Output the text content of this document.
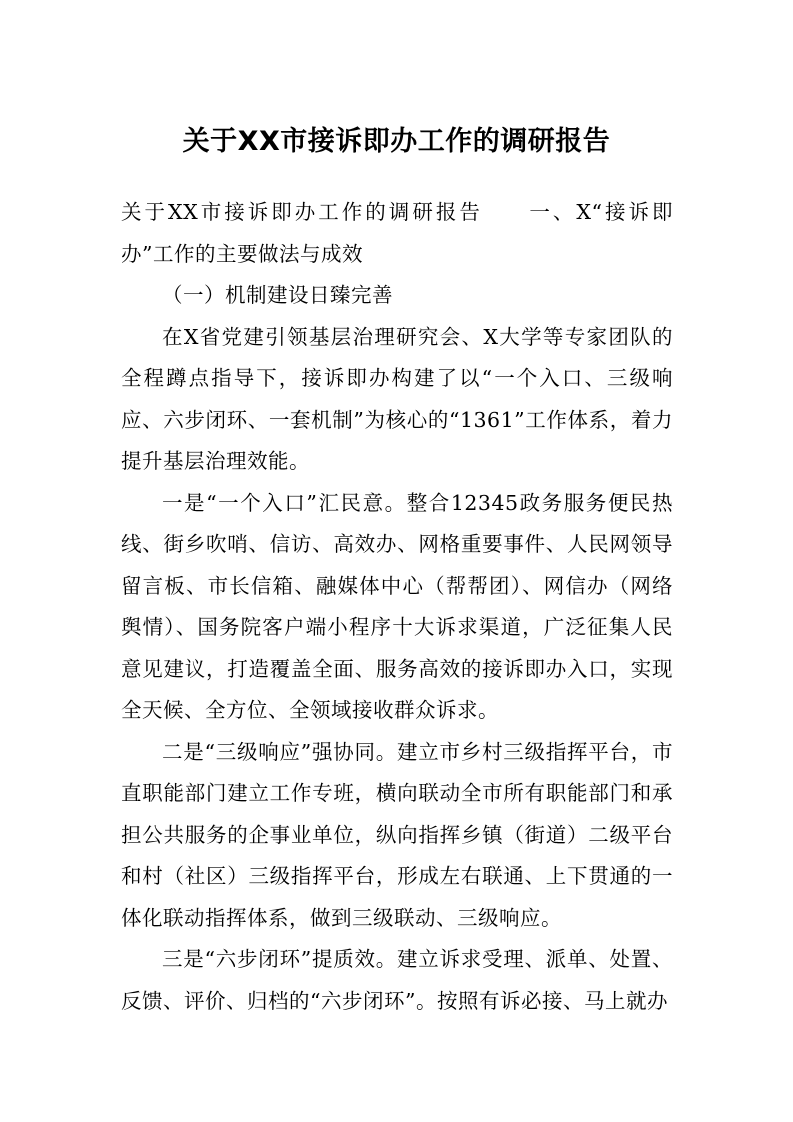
关于XX市接诉即办工作的调研报告

关于XX市接诉即办工作的调研报告 一、X“接诉即办”工作的主要做法与成效

（一）机制建设日臻完善

在X省党建引领基层治理研究会、X大学等专家团队的全程蹲点指导下，接诉即办构建了以“一个入口、三级响应、六步闭环、一套机制”为核心的“1361”工作体系，着力提升基层治理效能。

一是“一个入口”汇民意。整合12345政务服务便民热线、街乡吹哨、信访、高效办、网格重要事件、人民网领导留言板、市长信箱、融媒体中心（帮帮团）、网信办（网络舆情）、国务院客户端小程序十大诉求渠道，广泛征集人民意见建议，打造覆盖全面、服务高效的接诉即办入口，实现全天候、全方位、全领域接收群众诉求。

二是“三级响应”强协同。建立市乡村三级指挥平台，市直职能部门建立工作专班，横向联动全市所有职能部门和承担公共服务的企事业单位，纵向指挥乡镇（街道）二级平台和村（社区）三级指挥平台，形成左右联通、上下贯通的一体化联动指挥体系，做到三级联动、三级响应。

三是“六步闭环”提质效。建立诉求受理、派单、处置、反馈、评价、归档的“六步闭环”。按照有诉必接、马上就办
